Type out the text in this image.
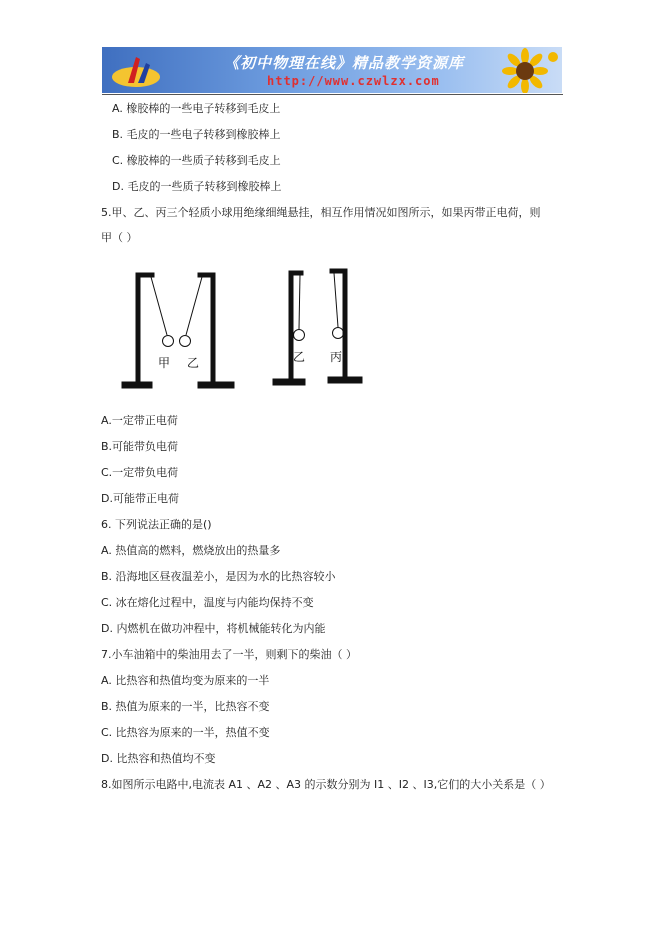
《初中物理在线》精品教学资源库
http://www.czwlzx.com
A. 橡胶棒的一些电子转移到毛皮上
B. 毛皮的一些电子转移到橡胶棒上
C. 橡胶棒的一些质子转移到毛皮上
D. 毛皮的一些质子转移到橡胶棒上
5.甲、乙、丙三个轻质小球用绝缘细绳悬挂，相互作用情况如图所示，如果丙带正电荷，则
甲（ ）
甲 乙	乙 丙
A.一定带正电荷
B.可能带负电荷
C.一定带负电荷
D.可能带正电荷
6. 下列说法正确的是()
A. 热值高的燃料，燃烧放出的热量多
B. 沿海地区昼夜温差小，是因为水的比热容较小
C. 冰在熔化过程中，温度与内能均保持不变
D. 内燃机在做功冲程中，将机械能转化为内能
7.小车油箱中的柴油用去了一半，则剩下的柴油（ ）
A. 比热容和热值均变为原来的一半
B. 热值为原来的一半，比热容不变
C. 比热容为原来的一半，热值不变
D. 比热容和热值均不变
8.如图所示电路中,电流表 A1 、A2 、A3 的示数分别为 I1 、I2 、I3,它们的大小关系是（ ）
